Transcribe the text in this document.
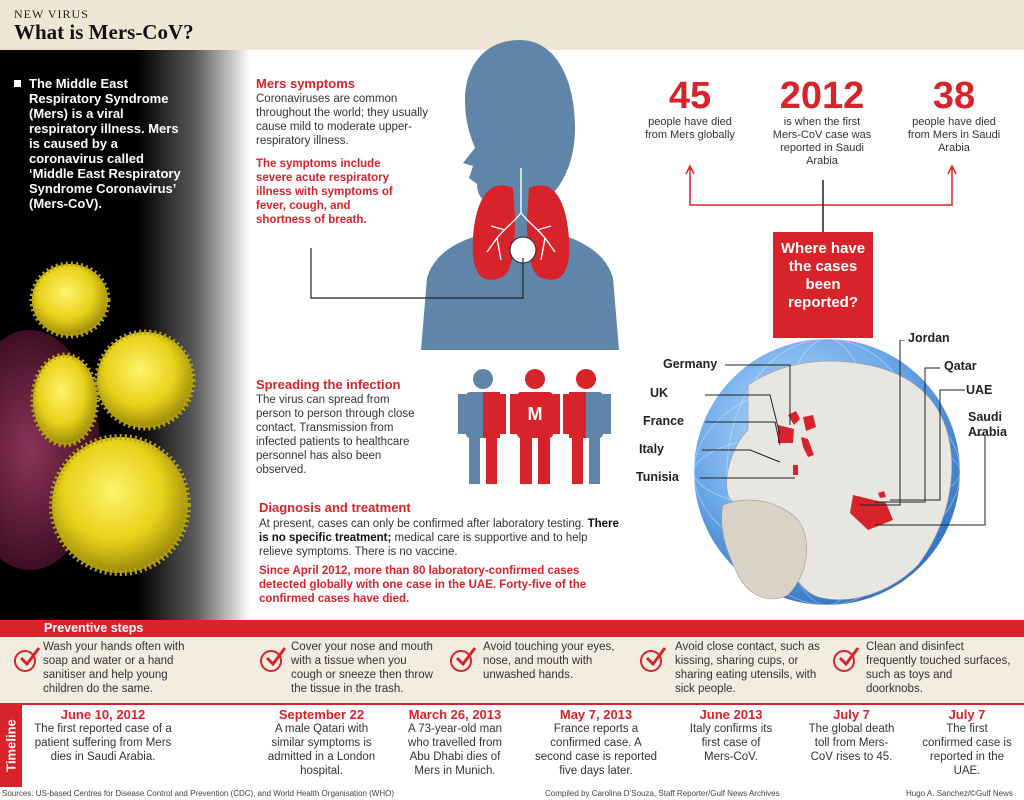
NEW VIRUS
What is Mers-CoV?
The Middle East Respiratory Syndrome (Mers) is a viral respiratory illness. Mers is caused by a coronavirus called ‘Middle East Respiratory Syndrome Coronavirus’ (Mers-CoV).
Mers symptoms
Coronaviruses are common throughout the world; they usually cause mild to moderate upper-respiratory illness.
The symptoms include severe acute respiratory illness with symptoms of fever, cough, and shortness of breath.
Spreading the infection
The virus can spread from person to person through close contact. Transmission from infected patients to healthcare personnel has also been observed.
M
Diagnosis and treatment
At present, cases can only be confirmed after laboratory testing. There is no specific treatment; medical care is supportive and to help relieve symptoms. There is no vaccine.
Since April 2012, more than 80 laboratory-confirmed cases detected globally with one case in the UAE. Forty-five of the confirmed cases have died.
45
people have died from Mers globally
2012
is when the first Mers-CoV case was reported in Saudi Arabia
38
people have died from Mers in Saudi Arabia
Where have the cases been reported?
Germany
UK
France
Italy
Tunisia
Jordan
Qatar
UAE
Saudi Arabia
Preventive steps
Wash your hands often with soap and water or a hand sanitiser and help young children do the same.
Cover your nose and mouth with a tissue when you cough or sneeze then throw the tissue in the trash.
Avoid touching your eyes, nose, and mouth with unwashed hands.
Avoid close contact, such as kissing, sharing cups, or sharing eating utensils, with sick people.
Clean and disinfect frequently touched surfaces, such as toys and doorknobs.
Timeline
June 10, 2012
The first reported case of a patient suffering from Mers dies in Saudi Arabia.
September 22
A male Qatari with similar symptoms is admitted in a London hospital.
March 26, 2013
A 73-year-old man who travelled from Abu Dhabi dies of Mers in Munich.
May 7, 2013
France reports a confirmed case. A second case is reported five days later.
June 2013
Italy confirms its first case of Mers-CoV.
July 7
The global death toll from Mers-CoV rises to 45.
July 7
The first confirmed case is reported in the UAE.
Sources: US-based Centres for Disease Control and Prevention (CDC), and World Health Organisation (WHO)	Compiled by Carolina D’Souza, Staff Reporter/Gulf News Archives	Hugo A. Sanchez/©Gulf News
